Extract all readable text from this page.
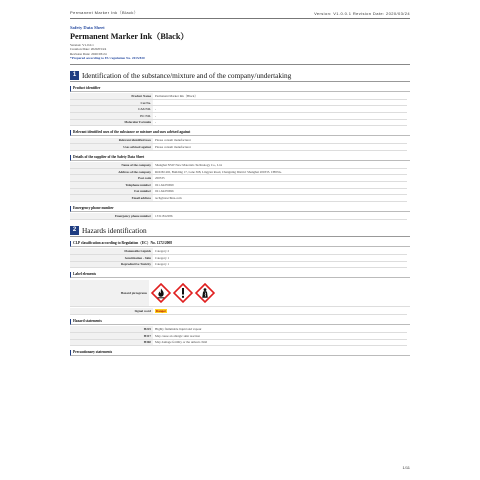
Permanent Marker Ink（Black）	Version: V1.0.0.1 Revision Date: 2020/03/24
Safety Data Sheet
Permanent Marker Ink（Black）
Version: V1.0.0.1
Creation Date: 2020/03/24
Revision Date: 2020/03/24
*Prepared according to EU regulation No. 2015/830
1 Identification of the substance/mixture and of the company/undertaking
Product identifier
Product Name	Permanent Marker Ink（Black）
Cat No.	
CAS NO.	-
EC NO.	-
Molecular Formula	-
Relevant identified uses of the substance or mixture and uses advised against
Relevant identified uses	Please consult manufacturer
Uses advised against	Please consult manufacturer
Details of the supplier of the Safety Data Sheet
Name of the company	Shanghai NSW New Materials Technology Co., Ltd.
Address of the company	ROOM 402, Building 17, Lane 368, Lingyun Road, Changning District Shanghai 200335. CHINA.
Post code	200335
Telephone number	021-64476699
Fax number	021-64476696
Email address	tech@nswchina.com
Emergency phone number
Emergency phone number	13311812286
2 Hazards identification
CLP classification according to Regulation（EC）No. 1272/2008
Flammable Liquids	Category 2
Sensitization - Skin	Category 1
Reproductive Toxicity	Category 1
Label elements
Hazard pictograms
Signal word	Danger
Hazard statements
H225	Highly flammable liquid and vapour
H317	May cause an allergic skin reaction
H360	May damage fertility or the unborn child
Precautionary statements
1/11
